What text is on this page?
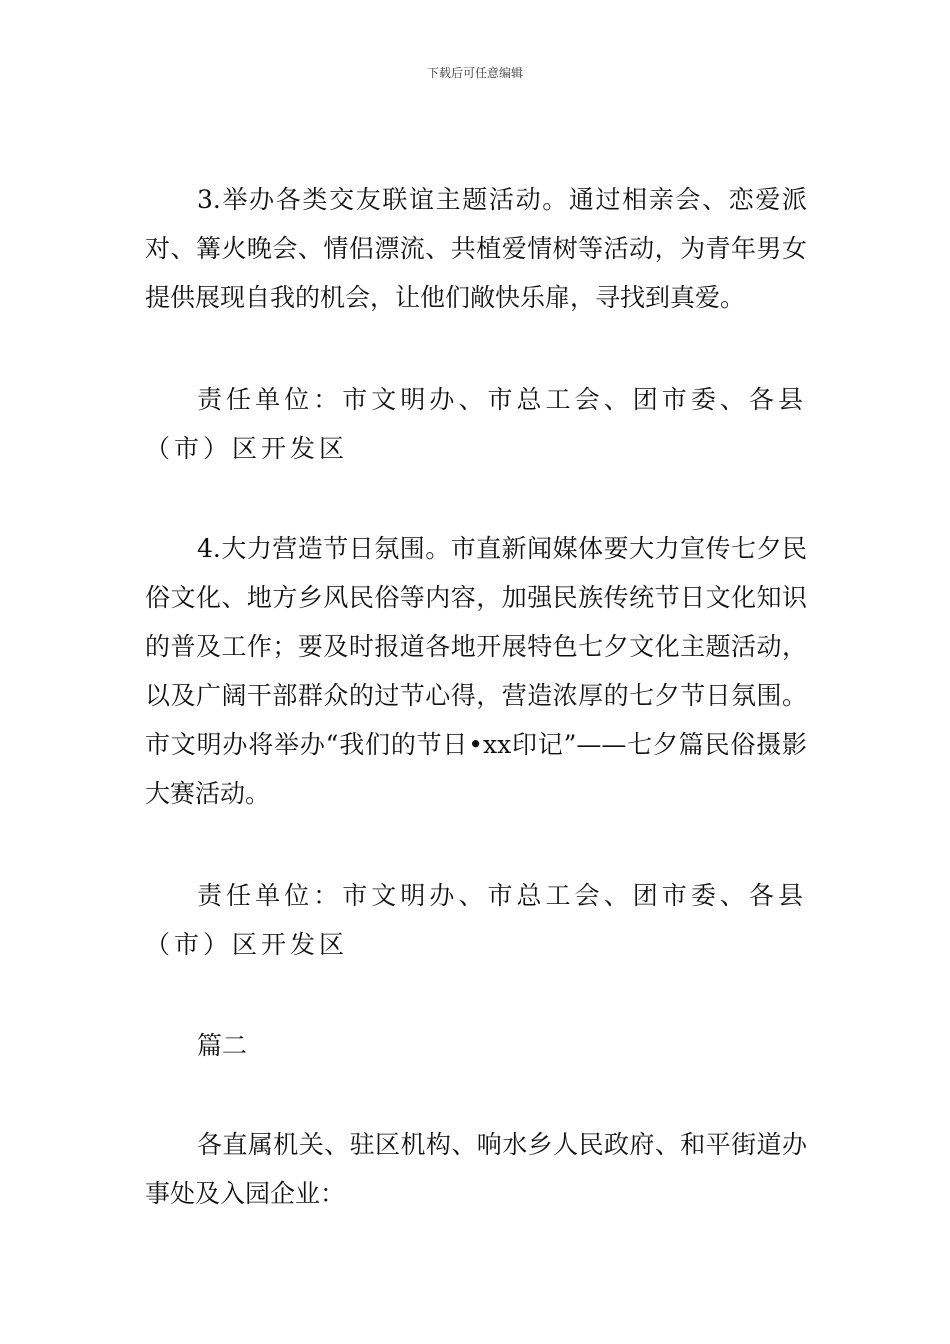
下载后可任意编辑

3.举办各类交友联谊主题活动。通过相亲会、恋爱派对、篝火晚会、情侣漂流、共植爱情树等活动，为青年男女提供展现自我的机会，让他们敞快乐扉，寻找到真爱。

责任单位：市文明办、市总工会、团市委、各县（市）区开发区

4.大力营造节日氛围。市直新闻媒体要大力宣传七夕民俗文化、地方乡风民俗等内容，加强民族传统节日文化知识的普及工作；要及时报道各地开展特色七夕文化主题活动，以及广阔干部群众的过节心得，营造浓厚的七夕节日氛围。市文明办将举办“我们的节日•xx印记”——七夕篇民俗摄影大赛活动。

责任单位：市文明办、市总工会、团市委、各县（市）区开发区

篇二

各直属机关、驻区机构、响水乡人民政府、和平街道办事处及入园企业：
